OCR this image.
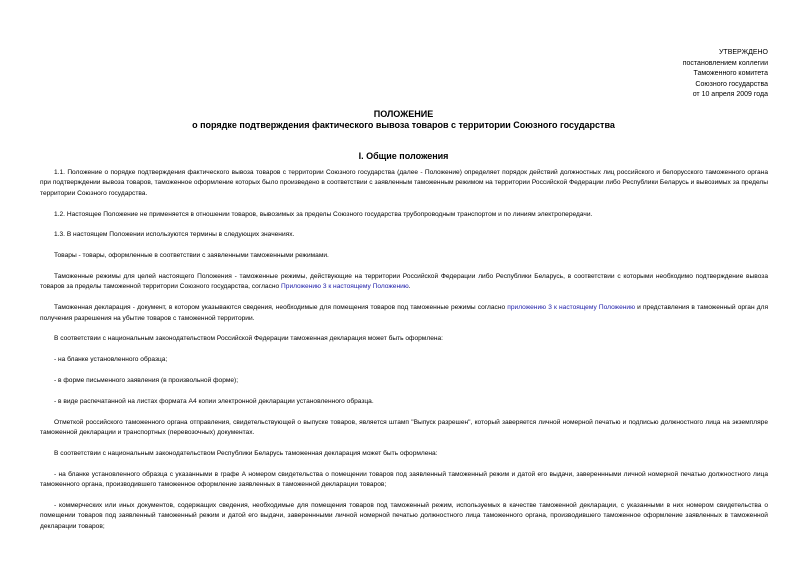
УТВЕРЖДЕНО
постановлением коллегии
Таможенного комитета
Союзного государства
от 10 апреля 2009 года
ПОЛОЖЕНИЕ
о порядке подтверждения фактического вывоза товаров с территории Союзного государства
I. Общие положения

1.1. Положение о порядке подтверждения фактического вывоза товаров с территории Союзного государства (далее - Положение) определяет порядок действий должностных лиц российского и белорусского таможенного органа при подтверждении вывоза товаров, таможенное оформление которых было произведено в соответствии с заявленным таможенным режимом на территории Российской Федерации либо Республики Беларусь и вывозимых за пределы территории Союзного государства.

1.2. Настоящее Положение не применяется в отношении товаров, вывозимых за пределы Союзного государства трубопроводным транспортом и по линиям электропередачи.

1.3. В настоящем Положении используются термины в следующих значениях.

Товары - товары, оформленные в соответствии с заявленными таможенными режимами.

Таможенные режимы для целей настоящего Положения - таможенные режимы, действующие на территории Российской Федерации либо Республики Беларусь, в соответствии с которыми необходимо подтверждение вывоза товаров за пределы таможенной территории Союзного государства, согласно Приложению 3 к настоящему Положению.

Таможенная декларация - документ, в котором указываются сведения, необходимые для помещения товаров под таможенные режимы согласно приложению 3 к настоящему Положению и представления в таможенный орган для получения разрешения на убытие товаров с таможенной территории.

В соответствии с национальным законодательством Российской Федерации таможенная декларация может быть оформлена:

- на бланке установленного образца;

- в форме письменного заявления (в произвольной форме);

- в виде распечатанной на листах формата А4 копии электронной декларации установленного образца.

Отметкой российского таможенного органа отправления, свидетельствующей о выпуске товаров, является штамп "Выпуск разрешен", который заверяется личной номерной печатью и подписью должностного лица на экземпляре таможенной декларации и транспортных (перевозочных) документах.

В соответствии с национальным законодательством Республики Беларусь таможенная декларация может быть оформлена:

- на бланке установленного образца с указанными в графе А номером свидетельства о помещении товаров под заявленный таможенный режим и датой его выдачи, завереннными личной номерной печатью должностного лица таможенного органа, производившего таможенное оформление заявленных в таможенной декларации товаров;

- коммерческих или иных документов, содержащих сведения, необходимые для помещения товаров под таможенный режим, используемых в качестве таможенной декларации, с указанными в них номером свидетельства о помещении товаров под заявленный таможенный режим и датой его выдачи, завереннными личной номерной печатью должностного лица таможенного органа, производившего таможенное оформление заявленных в таможенной декларации товаров;
